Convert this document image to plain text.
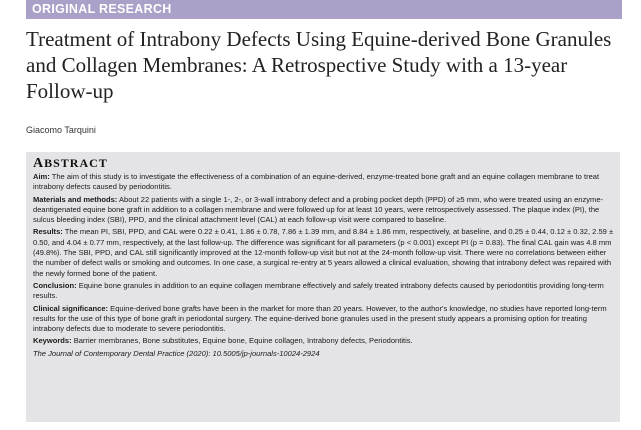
ORIGINAL RESEARCH
Treatment of Intrabony Defects Using Equine-derived Bone Granules and Collagen Membranes: A Retrospective Study with a 13-year Follow-up
Giacomo Tarquini
ABSTRACT

Aim: The aim of this study is to investigate the effectiveness of a combination of an equine-derived, enzyme-treated bone graft and an equine collagen membrane to treat intrabony defects caused by periodontitis.

Materials and methods: About 22 patients with a single 1-, 2-, or 3-wall intrabony defect and a probing pocket depth (PPD) of ≥5 mm, who were treated using an enzyme-deantigenated equine bone graft in addition to a collagen membrane and were followed up for at least 10 years, were retrospectively assessed. The plaque index (PI), the sulcus bleeding index (SBI), PPD, and the clinical attachment level (CAL) at each follow-up visit were compared to baseline.

Results: The mean PI, SBI, PPD, and CAL were 0.22 ± 0.41, 1.86 ± 0.78, 7.86 ± 1.39 mm, and 8.84 ± 1.86 mm, respectively, at baseline, and 0.25 ± 0.44, 0.12 ± 0.32, 2.59 ± 0.50, and 4.04 ± 0.77 mm, respectively, at the last follow-up. The difference was significant for all parameters (p < 0.001) except PI (p = 0.83). The final CAL gain was 4.8 mm (49.8%). The SBI, PPD, and CAL still significantly improved at the 12-month follow-up visit but not at the 24-month follow-up visit. There were no correlations between either the number of defect walls or smoking and outcomes. In one case, a surgical re-entry at 5 years allowed a clinical evaluation, showing that intrabony defect was repaired with the newly formed bone of the patient.

Conclusion: Equine bone granules in addition to an equine collagen membrane effectively and safely treated intrabony defects caused by periodontitis providing long-term results.

Clinical significance: Equine-derived bone grafts have been in the market for more than 20 years. However, to the author's knowledge, no studies have reported long-term results for the use of this type of bone graft in periodontal surgery. The equine-derived bone granules used in the present study appears a promising option for treating intrabony defects due to moderate to severe periodontitis.

Keywords: Barrier membranes, Bone substitutes, Equine bone, Equine collagen, Intrabony defects, Periodontitis.

The Journal of Contemporary Dental Practice (2020): 10.5005/jp-journals-10024-2924
